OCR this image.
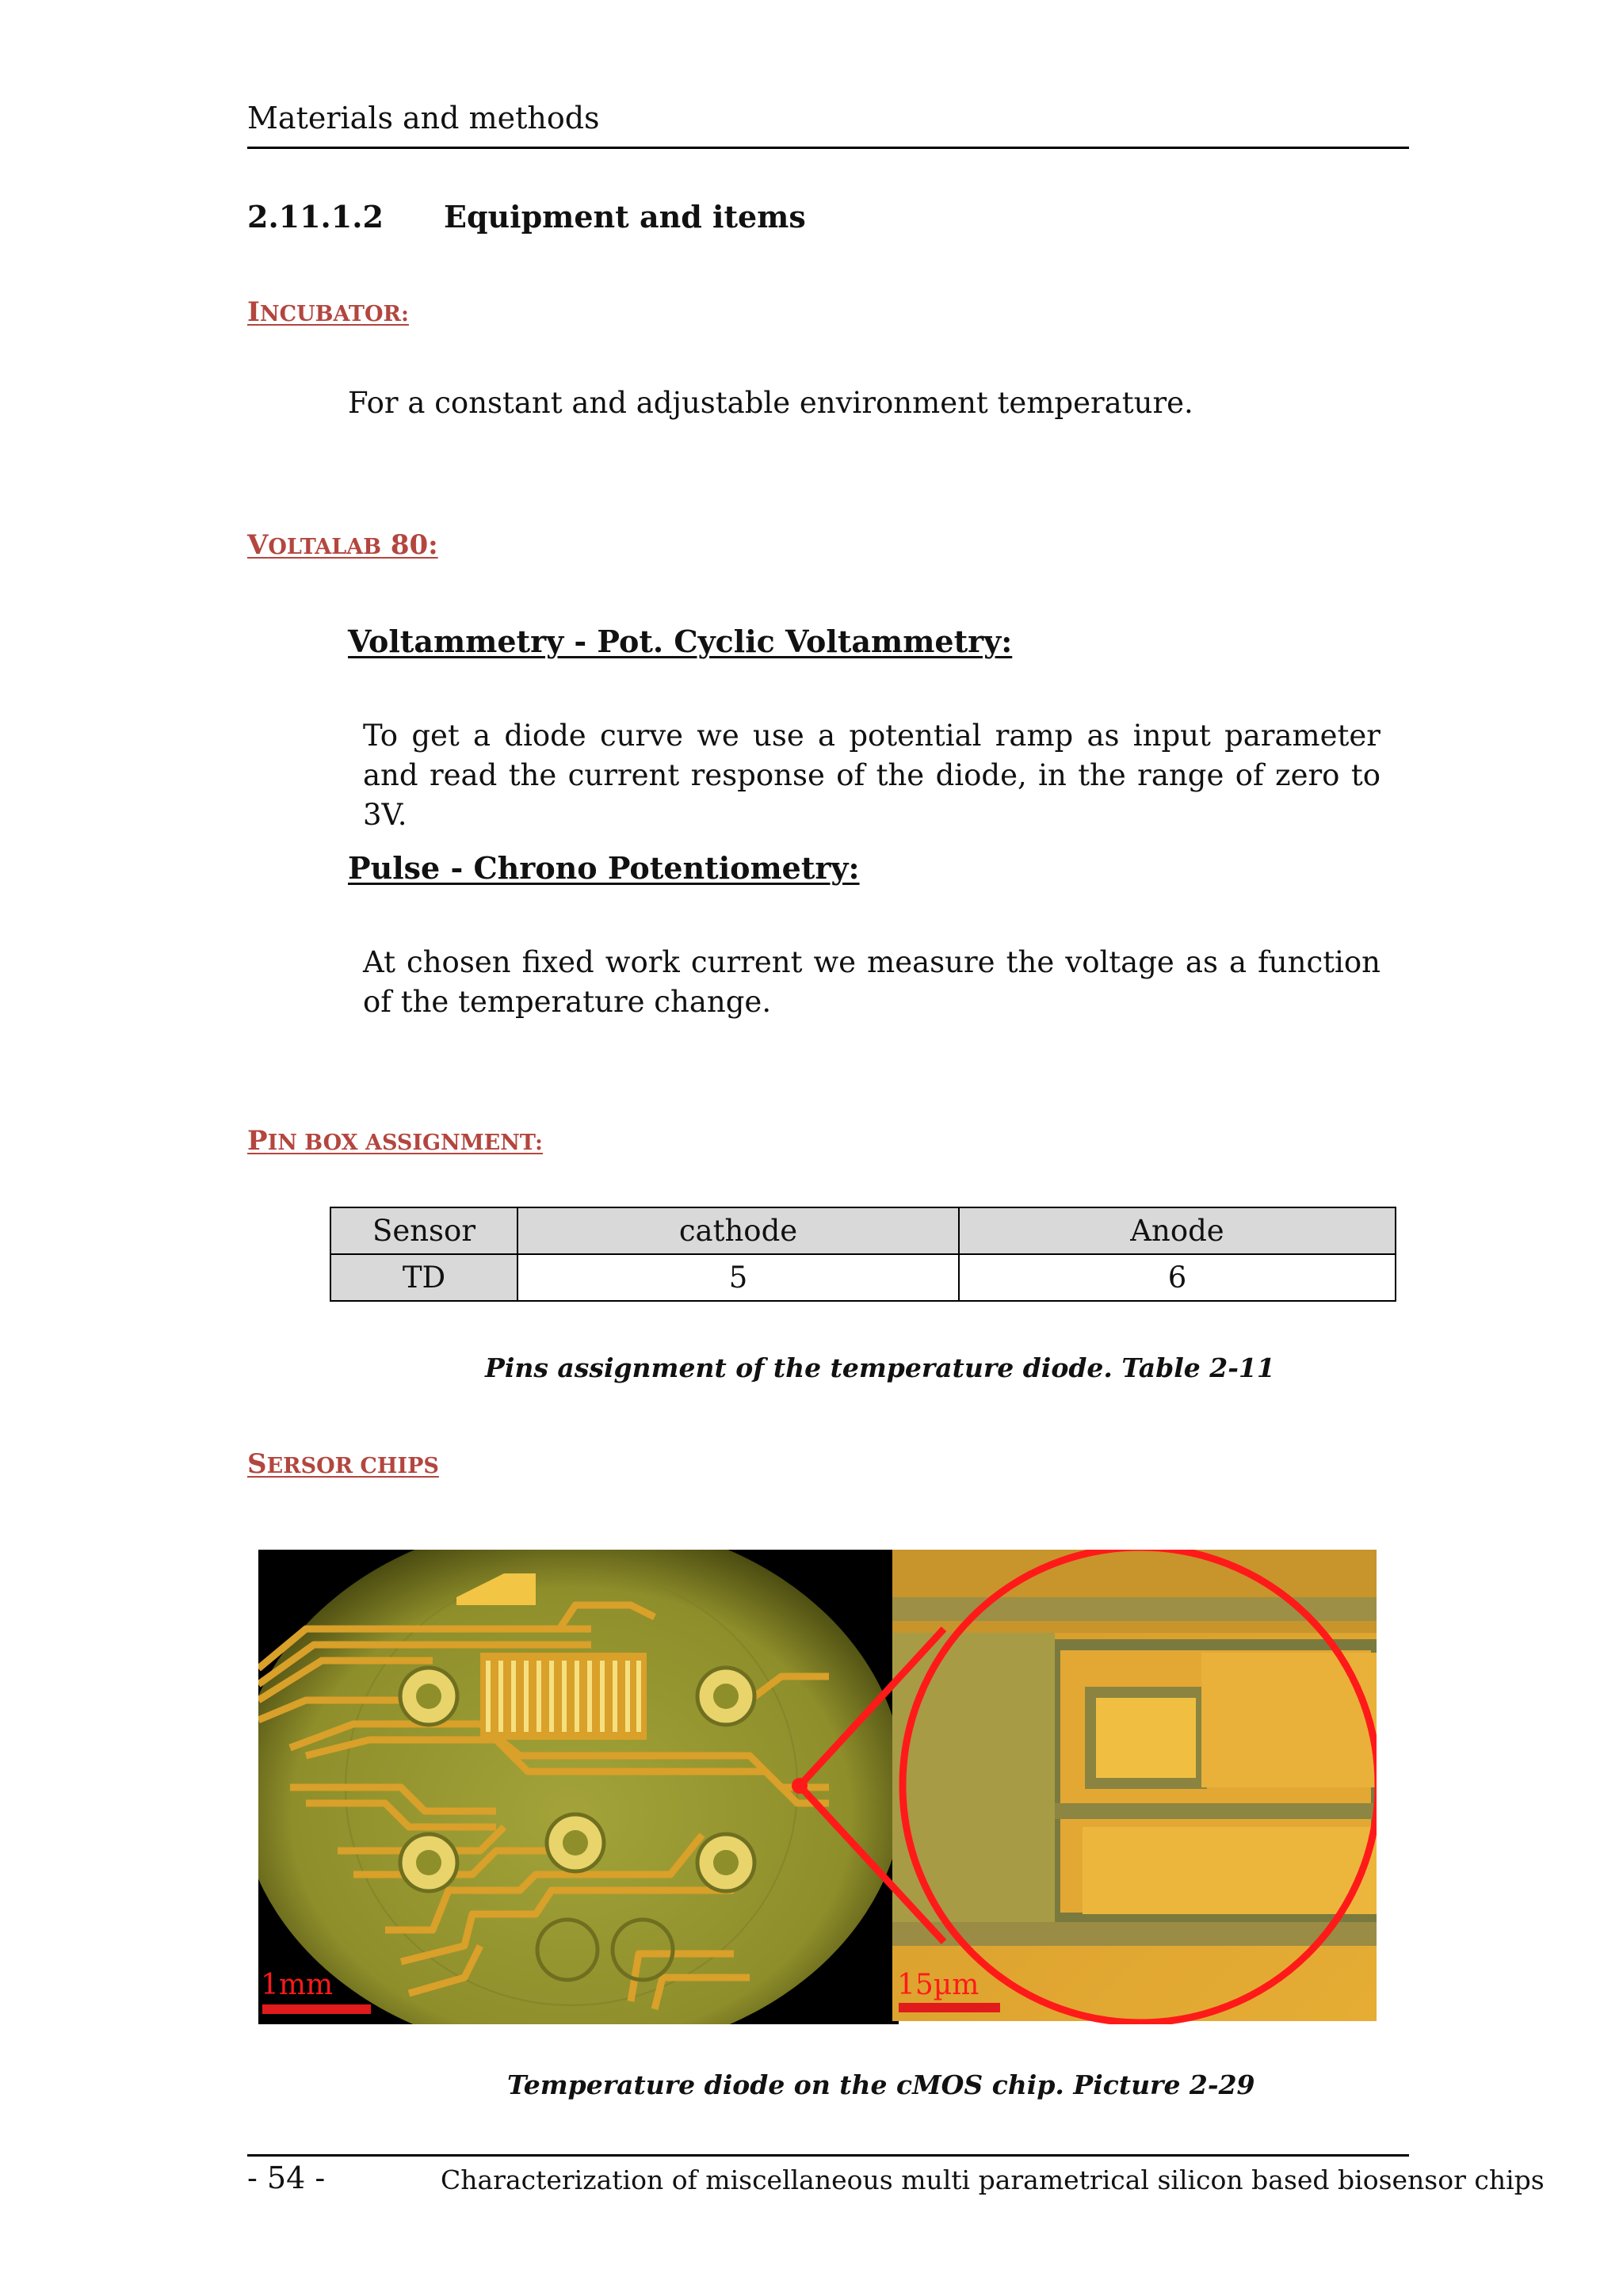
Materials and methods
2.11.1.2 Equipment and items
INCUBATOR:
For a constant and adjustable environment temperature.
VOLTALAB 80:
Voltammetry - Pot. Cyclic Voltammetry:
To get a diode curve we use a potential ramp as input parameter and read the current response of the diode, in the range of zero to 3V.
Pulse - Chrono Potentiometry:
At chosen fixed work current we measure the voltage as a function of the temperature change.
PIN BOX ASSIGNMENT:
Sensor	cathode	Anode
TD	5	6
Pins assignment of the temperature diode. Table 2-11
SERSOR CHIPS
1mm	15µm
Temperature diode on the cMOS chip. Picture 2-29
- 54 -	Characterization of miscellaneous multi parametrical silicon based biosensor chips
